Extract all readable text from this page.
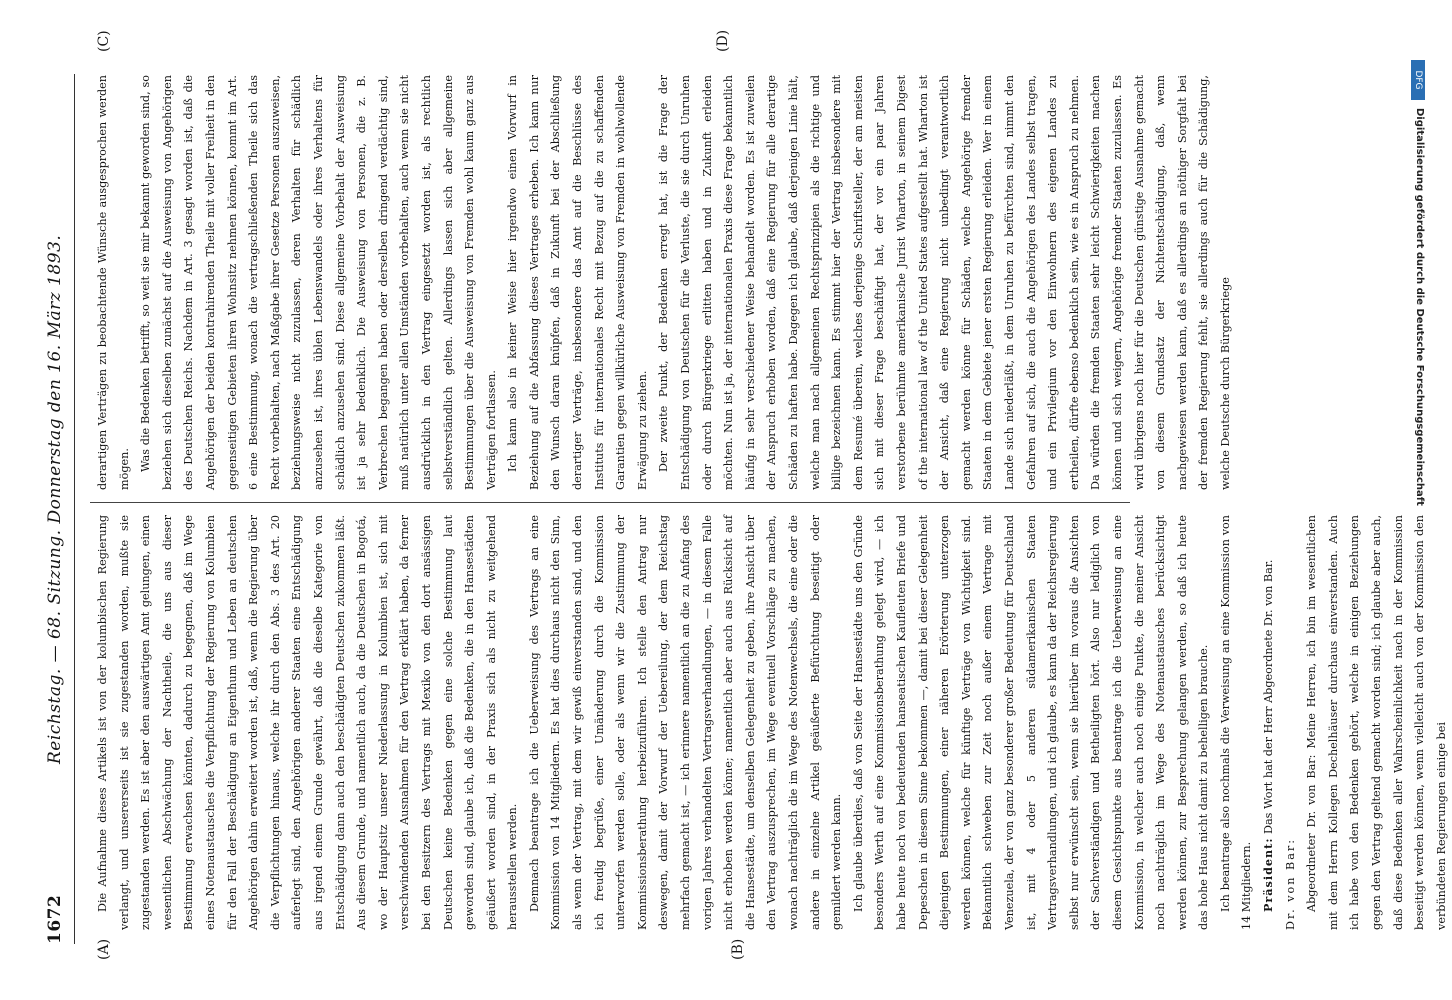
1672
Reichstag. — 68. Sitzung. Donnerstag den 16. März 1893.
(A)	(B)
(C)	(D)

Die Aufnahme dieses Artikels ist von der kolumbischen Regierung verlangt, und unsererseits ist sie zugestanden worden, mußte sie zugestanden werden. Es ist aber den auswärtigen Amt gelungen, einen wesentlichen Abschwächung der Nachtheile, die uns aus dieser Bestimmung erwachsen könnten, dadurch zu begegnen, daß im Wege eines Notenaustausches die Verpflichtung der Regierung von Kolumbien für den Fall der Beschädigung an Eigenthum und Leben an deutschen Angehörigen dahin erweitert worden ist, daß, wenn die Regierung über die Verpflichtungen hinaus, welche ihr durch den Abs. 3 des Art. 20 auferlegt sind, den Angehörigen anderer Staaten eine Entschädigung aus irgend einem Grunde gewährt, daß die dieselbe Kategorie von Entschädigung dann auch den beschädigten Deutschen zukommen läßt. Aus diesem Grunde, und namentlich auch, da die Deutschen in Bogotá, wo der Hauptsitz unserer Niederlassung in Kolumbien ist, sich mit verschwindenden Ausnahmen für den Vertrag erklärt haben, da ferner bei den Besitzern des Vertrags mit Mexiko von den dort ansässigen Deutschen keine Bedenken gegen eine solche Bestimmung laut geworden sind, glaube ich, daß die Bedenken, die in den Hansestädten geäußert worden sind, in der Praxis sich als nicht zu weitgehend herausstellen werden. Demnach beantrage ich die Ueberweisung des Vertrags an eine Kommission von 14 Mitgliedern. Es hat dies durchaus nicht den Sinn, als wenn der Vertrag, mit dem wir gewiß einverstanden sind, und den ich freudig begrüße, einer Umänderung durch die Kommission unterworfen werden solle, oder als wenn wir die Zustimmung der Kommissionsberathung herbeizuführen. Ich stelle den Antrag nur deswegen, damit der Vorwurf der Uebereilung, der dem Reichstag mehrfach gemacht ist, — ich erinnere namentlich an die zu Anfang des vorigen Jahres verhandelten Vertragsverhandlungen, — in diesem Falle nicht erhoben werden könne; namentlich aber auch aus Rücksicht auf die Hansestädte, um denselben Gelegenheit zu geben, ihre Ansicht über den Vertrag auszusprechen, im Wege eventuell Vorschläge zu machen, wonach nachträglich die im Wege des Notenwechsels, die eine oder die andere in einzelne Artikel geäußerte Befürchtung beseitigt oder gemildert werden kann. Ich glaube überdies, daß von Seite der Hansestädte uns den Gründe besonders Werth auf eine Kommissionsberathung gelegt wird, — ich habe heute noch von bedeutenden hanseatischen Kaufleuten Briefe und Depeschen in diesem Sinne bekommen —, damit bei dieser Gelegenheit diejenigen Bestimmungen, einer näheren Erörterung unterzogen werden können, welche für künftige Verträge von Wichtigkeit sind. Bekanntlich schweben zur Zeit noch außer einem Vertrage mit Venezuela, der von ganz besonderer großer Bedeutung für Deutschland ist, mit 4 oder 5 anderen südamerikanischen Staaten Vertragsverhandlungen, und ich glaube, es kann da der Reichsregierung selbst nur erwünscht sein, wenn sie hierüber im voraus die Ansichten der Sachverständigen und Betheiligten hört. Also nur lediglich von diesem Gesichtspunkte aus beantrage ich die Ueberweisung an eine Kommission, in welcher auch noch einige Punkte, die meiner Ansicht noch nachträglich im Wege des Notenaustausches berücksichtigt werden können, zur Besprechung gelangen werden, so daß ich heute das hohe Haus nicht damit zu behelligen brauche. Ich beantrage also nochmals die Verweisung an eine Kommission von 14 Mitgliedern. Präsident: Das Wort hat der Herr Abgeordnete Dr. von Bar.

Dr. von Bar: Abgeordneter Dr. von Bar: Meine Herren, ich bin im wesentlichen mit dem Herrn Kollegen Dechelhäuser durchaus einverstanden. Auch ich habe von den Bedenken gehört, welche in einigen Beziehungen gegen den Vertrag geltend gemacht worden sind; ich glaube aber auch, daß diese Bedenken aller Wahrscheinlichkeit nach in der Kommission beseitigt werden können, wenn vielleicht auch von der Kommission den verbündeten Regierungen einige bei

derartigen Verträgen zu beobachtende Wünsche ausgesprochen werden mögen. Was die Bedenken betrifft, so weit sie mir bekannt geworden sind, so beziehen sich dieselben zunächst auf die Ausweisung von Angehörigen des Deutschen Reichs. Nachdem in Art. 3 gesagt worden ist, daß die Angehörigen der beiden kontrahirenden Theile mit voller Freiheit in den gegenseitigen Gebieten ihren Wohnsitz nehmen können, kommt im Art. 6 eine Bestimmung, wonach die vertragschließenden Theile sich das Recht vorbehalten, nach Maßgabe ihrer Gesetze Personen auszuweisen, beziehungsweise nicht zuzulassen, deren Verhalten für schädlich anzusehen ist, ihres üblen Lebenswandels oder ihres Verhaltens für schädlich anzusehen sind. Diese allgemeine Vorbehalt der Ausweisung ist ja sehr bedenklich. Die Ausweisung von Personen, die z. B. Verbrechen begangen haben oder derselben dringend verdächtig sind, muß natürlich unter allen Umständen vorbehalten, auch wenn sie nicht ausdrücklich in den Vertrag eingesetzt worden ist, als rechtlich selbstverständlich gelten. Allerdings lassen sich aber allgemeine Bestimmungen über die Ausweisung von Fremden wohl kaum ganz aus Verträgen fortlassen. Ich kann also in keiner Weise hier irgendwo einen Vorwurf in Beziehung auf die Abfassung dieses Vertrages erheben. Ich kann nur den Wunsch daran knüpfen, daß in Zukunft bei der Abschließung derartiger Verträge, insbesondere das Amt auf die Beschlüsse des Instituts für internationales Recht mit Bezug auf die zu schaffenden Garantien gegen willkürliche Ausweisung von Fremden in wohlwollende Erwägung zu ziehen. Der zweite Punkt, der Bedenken erregt hat, ist die Frage der Entschädigung von Deutschen für die Verluste, die sie durch Unruhen oder durch Bürgerkriege erlitten haben und in Zukunft erleiden möchten. Nun ist ja, der internationalen Praxis diese Frage bekanntlich häufig in sehr verschiedener Weise behandelt worden. Es ist zuweilen der Anspruch erhoben worden, daß eine Regierung für alle derartige Schäden zu haften habe. Dagegen ich glaube, daß derjenigen Linie hält, welche man nach allgemeinen Rechtsprinzipien als die richtige und billige bezeichnen kann. Es stimmt hier der Vertrag insbesondere mit dem Resumé überein, welches derjenige Schriftsteller, der am meisten sich mit dieser Frage beschäftigt hat, der vor ein paar Jahren verstorbene berühmte amerikanische Jurist Wharton, in seinem Digest of the international law of the United States aufgestellt hat. Wharton ist der Ansicht, daß eine Regierung nicht unbedingt verantwortlich gemacht werden könne für Schäden, welche Angehörige fremder Staaten in dem Gebiete jener ersten Regierung erleiden. Wer in einem Lande sich niederläßt, in dem Unruhen zu befürchten sind, nimmt den Gefahren auf sich, die auch die Angehörigen des Landes selbst tragen, und ein Privilegium vor den Einwohnern des eigenen Landes zu ertheilen, dürfte ebenso bedenklich sein, wie es in Anspruch zu nehmen. Da würden die fremden Staaten sehr leicht Schwierigkeiten machen können und sich weigern, Angehörige fremder Staaten zuzulassen. Es wird übrigens noch hier für die Deutschen günstige Ausnahme gemacht von diesem Grundsatz der Nichtentschädigung, daß, wenn nachgewiesen werden kann, daß es allerdings an nöthiger Sorgfalt bei der fremden Regierung fehlt, sie allerdings auch für die Schädigung, welche Deutsche durch Bürgerkriege

DFG
Digitalisierung gefördert durch die Deutsche Forschungsgemeinschaft
